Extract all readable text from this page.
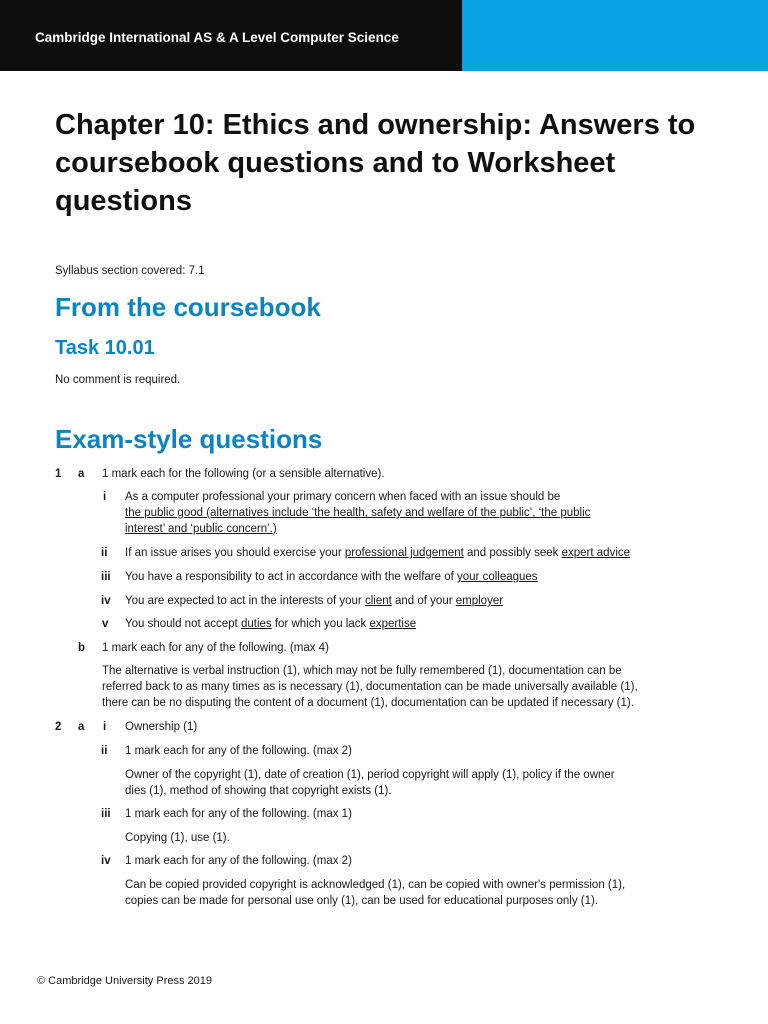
Cambridge International AS & A Level Computer Science
Chapter 10: Ethics and ownership: Answers to coursebook questions and to Worksheet questions
Syllabus section covered: 7.1
From the coursebook
Task 10.01
No comment is required.
Exam-style questions
1 a 1 mark each for the following (or a sensible alternative).
i As a computer professional your primary concern when faced with an issue should be
the public good (alternatives include ‘the health, safety and welfare of the public’, ‘the public
interest’ and ‘public concern’.)
ii If an issue arises you should exercise your professional judgement and possibly seek expert advice
iii You have a responsibility to act in accordance with the welfare of your colleagues
iv You are expected to act in the interests of your client and of your employer
v You should not accept duties for which you lack expertise
b 1 mark each for any of the following. (max 4)
The alternative is verbal instruction (1), which may not be fully remembered (1), documentation can be
referred back to as many times as is necessary (1), documentation can be made universally available (1),
there can be no disputing the content of a document (1), documentation can be updated if necessary (1).
2 a i Ownership (1)
ii 1 mark each for any of the following. (max 2)
Owner of the copyright (1), date of creation (1), period copyright will apply (1), policy if the owner
dies (1), method of showing that copyright exists (1).
iii 1 mark each for any of the following. (max 1)
Copying (1), use (1).
iv 1 mark each for any of the following. (max 2)
Can be copied provided copyright is acknowledged (1), can be copied with owner's permission (1),
copies can be made for personal use only (1), can be used for educational purposes only (1).
© Cambridge University Press 2019
